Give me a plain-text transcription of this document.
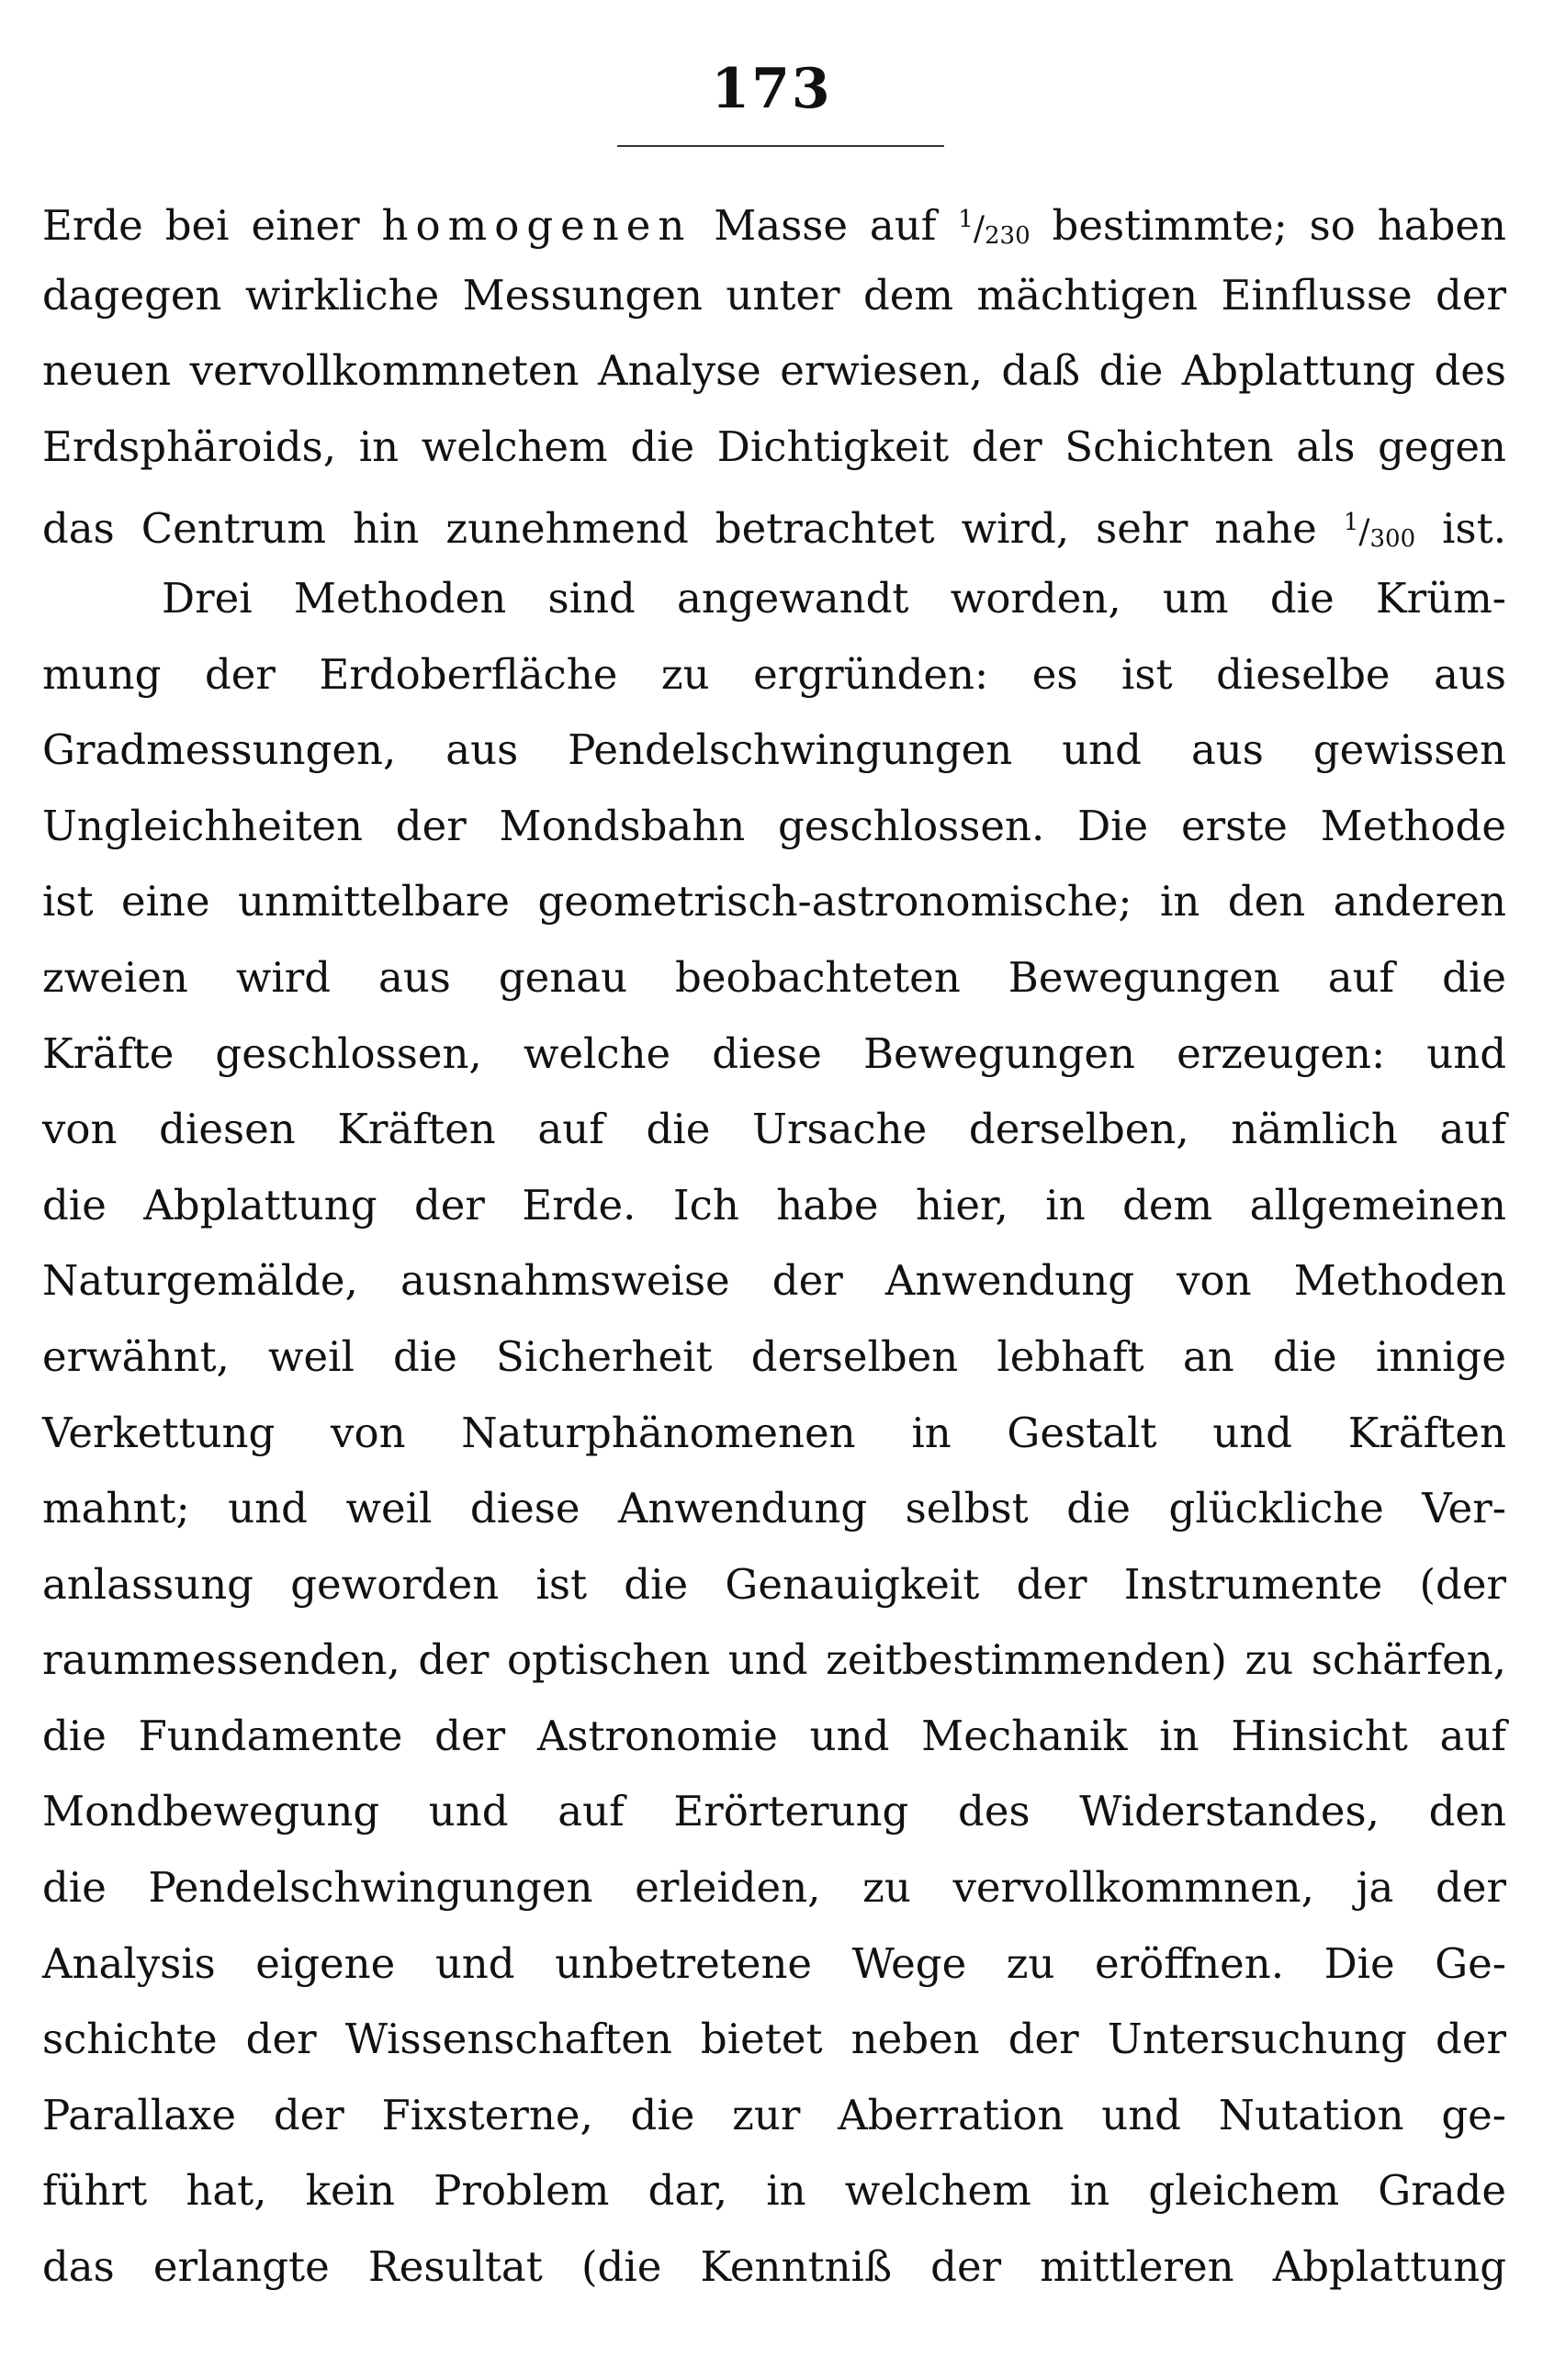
173
Erde bei einer homogenen Masse auf $^1/_{230}$ bestimmte; so haben
dagegen wirkliche Messungen unter dem mächtigen Einflusse der
neuen vervollkommneten Analyse erwiesen, daß die Abplattung des
Erdsphäroids, in welchem die Dichtigkeit der Schichten als gegen
das Centrum hin zunehmend betrachtet wird, sehr nahe $^1/_{300}$ ist.
Drei Methoden sind angewandt worden, um die Krüm-
mung der Erdoberfläche zu ergründen: es ist dieselbe aus
Gradmessungen, aus Pendelschwingungen und aus gewissen
Ungleichheiten der Mondsbahn geschlossen. Die erste Methode
ist eine unmittelbare geometrisch-astronomische; in den anderen
zweien wird aus genau beobachteten Bewegungen auf die
Kräfte geschlossen, welche diese Bewegungen erzeugen: und
von diesen Kräften auf die Ursache derselben, nämlich auf
die Abplattung der Erde. Ich habe hier, in dem allgemeinen
Naturgemälde, ausnahmsweise der Anwendung von Methoden
erwähnt, weil die Sicherheit derselben lebhaft an die innige
Verkettung von Naturphänomenen in Gestalt und Kräften
mahnt; und weil diese Anwendung selbst die glückliche Ver-
anlassung geworden ist die Genauigkeit der Instrumente (der
raummessenden, der optischen und zeitbestimmenden) zu schärfen,
die Fundamente der Astronomie und Mechanik in Hinsicht auf
Mondbewegung und auf Erörterung des Widerstandes, den
die Pendelschwingungen erleiden, zu vervollkommnen, ja der
Analysis eigene und unbetretene Wege zu eröffnen. Die Ge-
schichte der Wissenschaften bietet neben der Untersuchung der
Parallaxe der Fixsterne, die zur Aberration und Nutation ge-
führt hat, kein Problem dar, in welchem in gleichem Grade
das erlangte Resultat (die Kenntniß der mittleren Abplattung
